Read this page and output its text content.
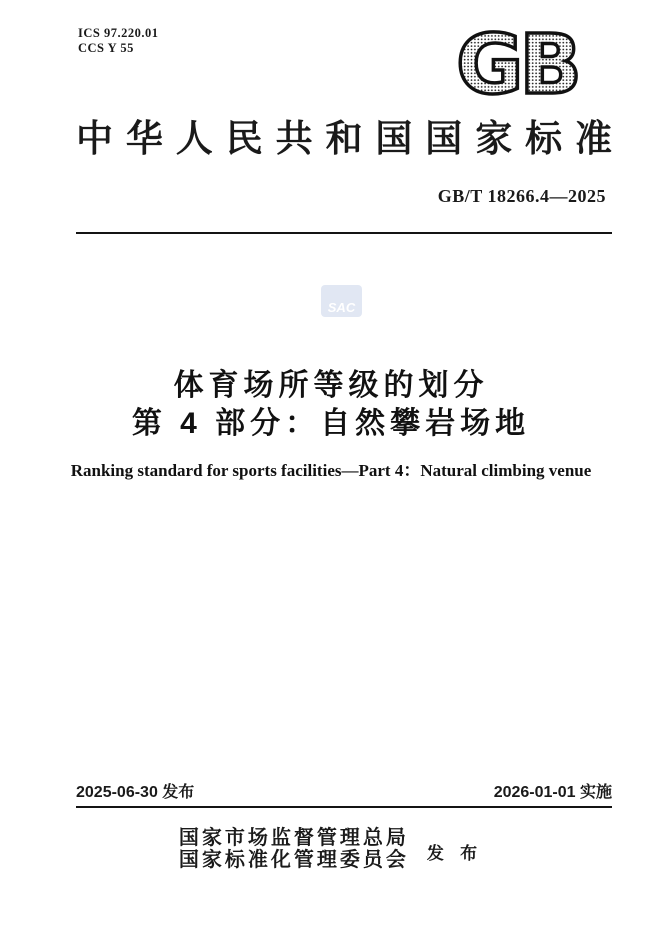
ICS 97.220.01
CCS Y 55	GB
中华人民共和国国家标准
GB/T 18266.4—2025
SAC
体育场所等级的划分
第 4 部分：自然攀岩场地
Ranking standard for sports facilities—Part 4：Natural climbing venue
2025-06-30 发布	2026-01-01 实施
国家市场监督管理总局
国家标准化管理委员会 发 布
